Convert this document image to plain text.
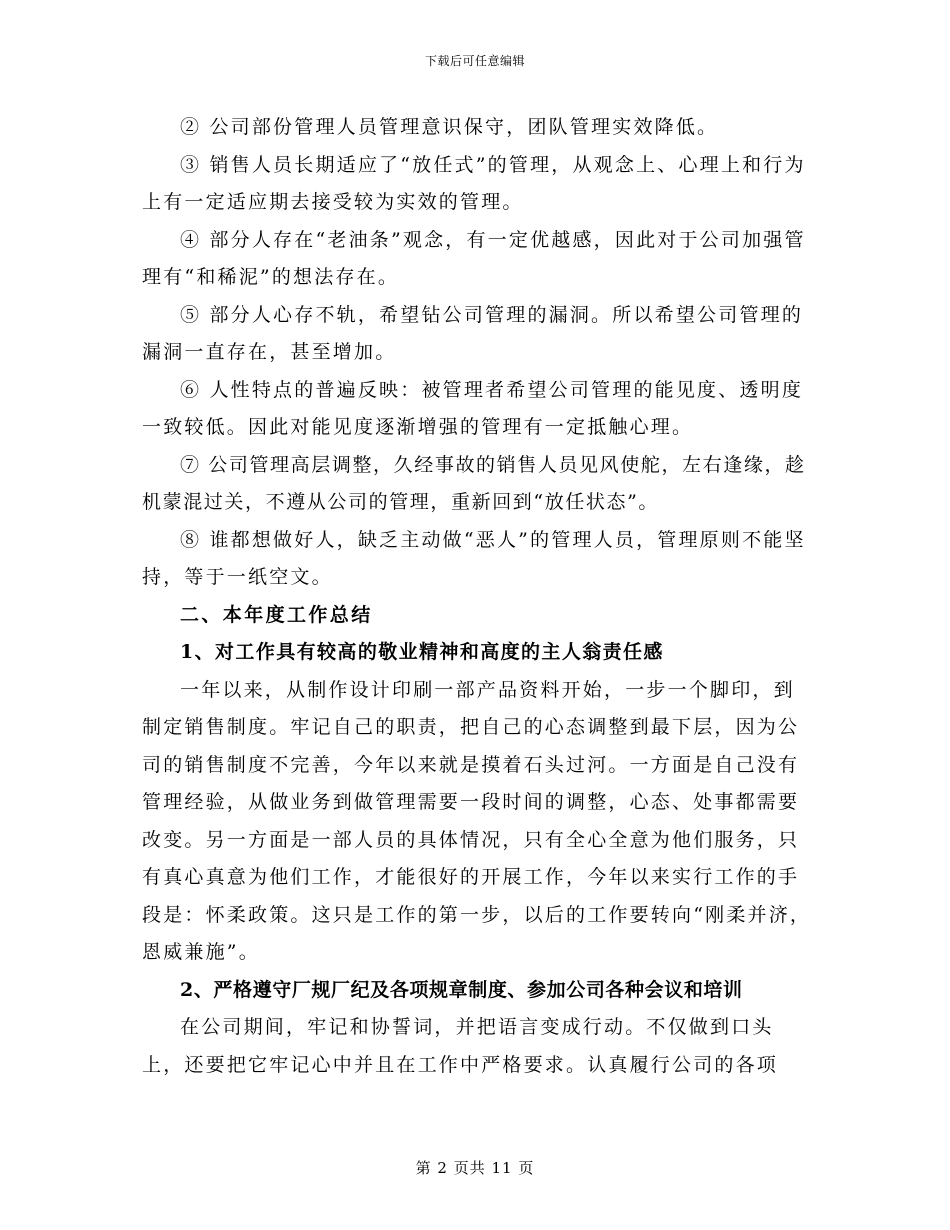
下载后可任意编辑

② 公司部份管理人员管理意识保守，团队管理实效降低。

③ 销售人员长期适应了“放任式”的管理，从观念上、心理上和行为上有一定适应期去接受较为实效的管理。

④ 部分人存在“老油条”观念，有一定优越感，因此对于公司加强管理有“和稀泥”的想法存在。

⑤ 部分人心存不轨，希望钻公司管理的漏洞。所以希望公司管理的漏洞一直存在，甚至增加。

⑥ 人性特点的普遍反映：被管理者希望公司管理的能见度、透明度一致较低。因此对能见度逐渐增强的管理有一定抵触心理。

⑦ 公司管理高层调整，久经事故的销售人员见风使舵，左右逢缘，趁机蒙混过关，不遵从公司的管理，重新回到“放任状态”。

⑧ 谁都想做好人，缺乏主动做“恶人”的管理人员，管理原则不能坚持，等于一纸空文。

二、本年度工作总结

1、对工作具有较高的敬业精神和高度的主人翁责任感

一年以来，从制作设计印刷一部产品资料开始，一步一个脚印，到制定销售制度。牢记自己的职责，把自己的心态调整到最下层，因为公司的销售制度不完善，今年以来就是摸着石头过河。一方面是自己没有管理经验，从做业务到做管理需要一段时间的调整，心态、处事都需要改变。另一方面是一部人员的具体情况，只有全心全意为他们服务，只有真心真意为他们工作，才能很好的开展工作，今年以来实行工作的手段是：怀柔政策。这只是工作的第一步，以后的工作要转向“刚柔并济，恩威兼施”。

2、严格遵守厂规厂纪及各项规章制度、参加公司各种会议和培训

在公司期间，牢记和协誓词，并把语言变成行动。不仅做到口头上，还要把它牢记心中并且在工作中严格要求。认真履行公司的各项

第 2 页共 11 页
